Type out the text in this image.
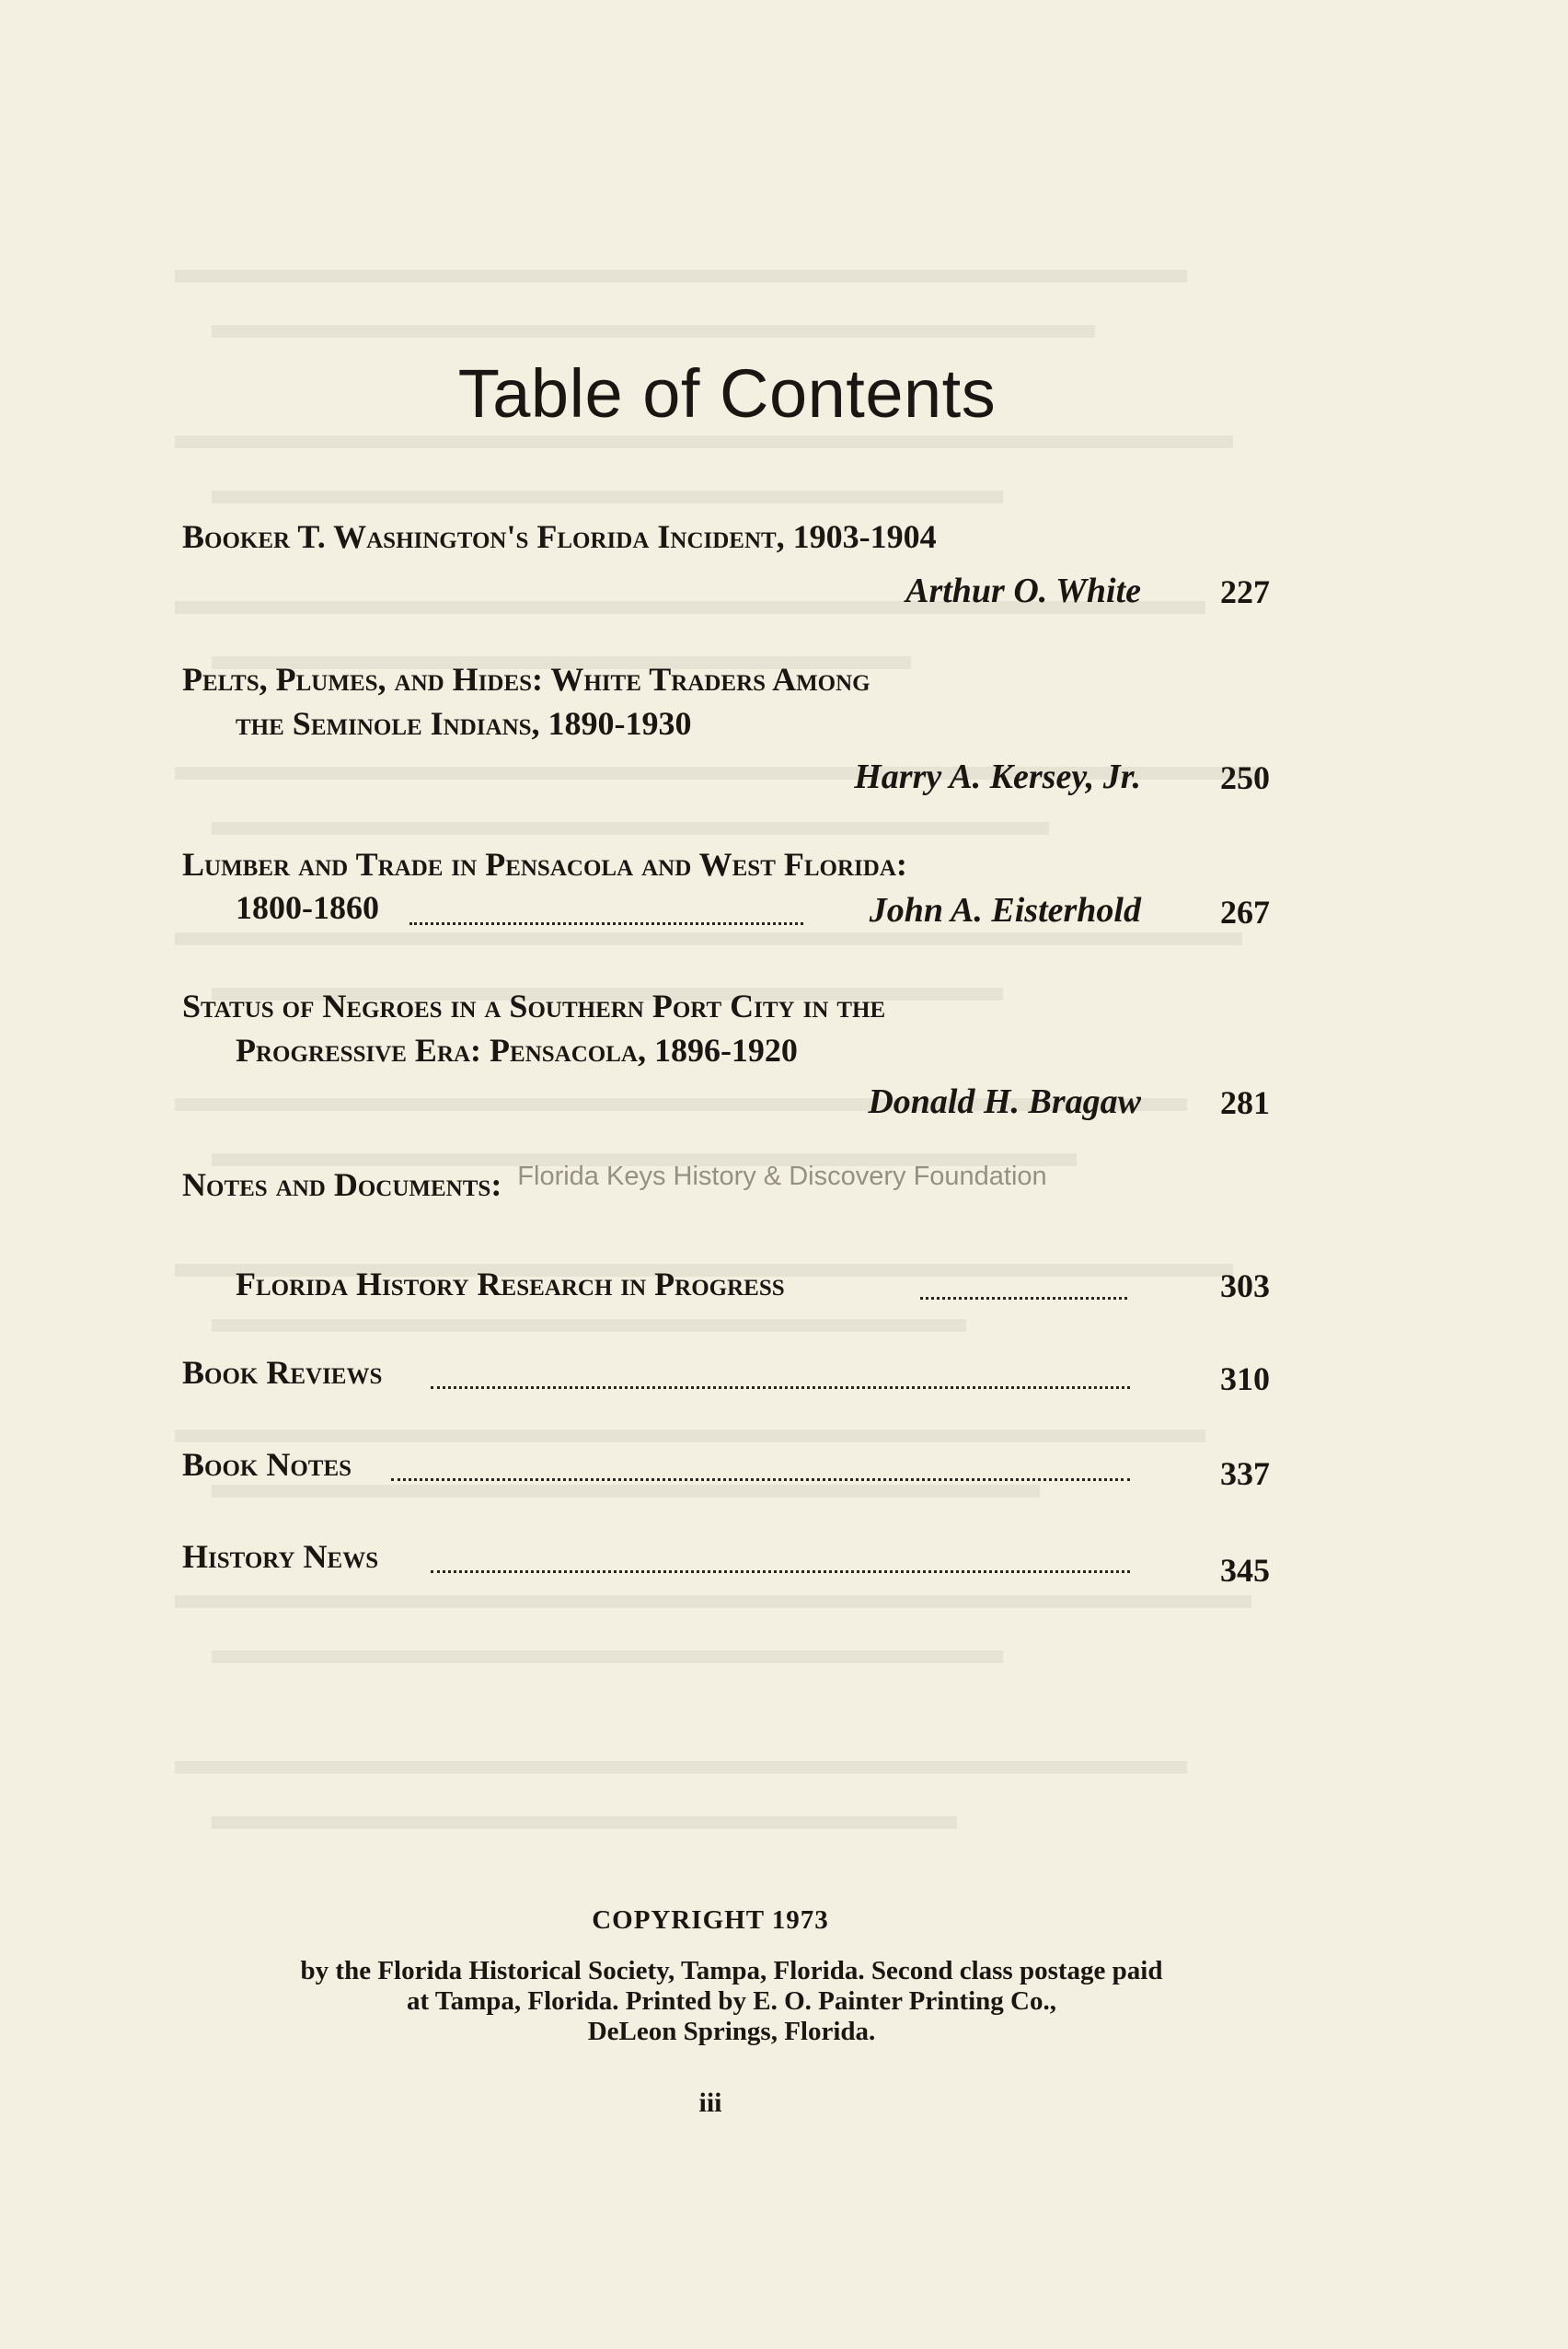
Table of Contents
Booker T. Washington's Florida Incident, 1903-1904
Arthur O. White	227
Pelts, Plumes, and Hides: White Traders Among
the Seminole Indians, 1890-1930
Harry A. Kersey, Jr.	250
Lumber and Trade in Pensacola and West Florida:
1800-1860	John A. Eisterhold	267
Status of Negroes in a Southern Port City in the
Progressive Era: Pensacola, 1896-1920
Donald H. Bragaw	281
Notes and Documents:
Florida History Research in Progress	303
Book Reviews	310
Book Notes	337
History News	345
Florida Keys History & Discovery Foundation
COPYRIGHT 1973
by the Florida Historical Society, Tampa, Florida. Second class postage paid
at Tampa, Florida. Printed by E. O. Painter Printing Co.,
DeLeon Springs, Florida.
iii
